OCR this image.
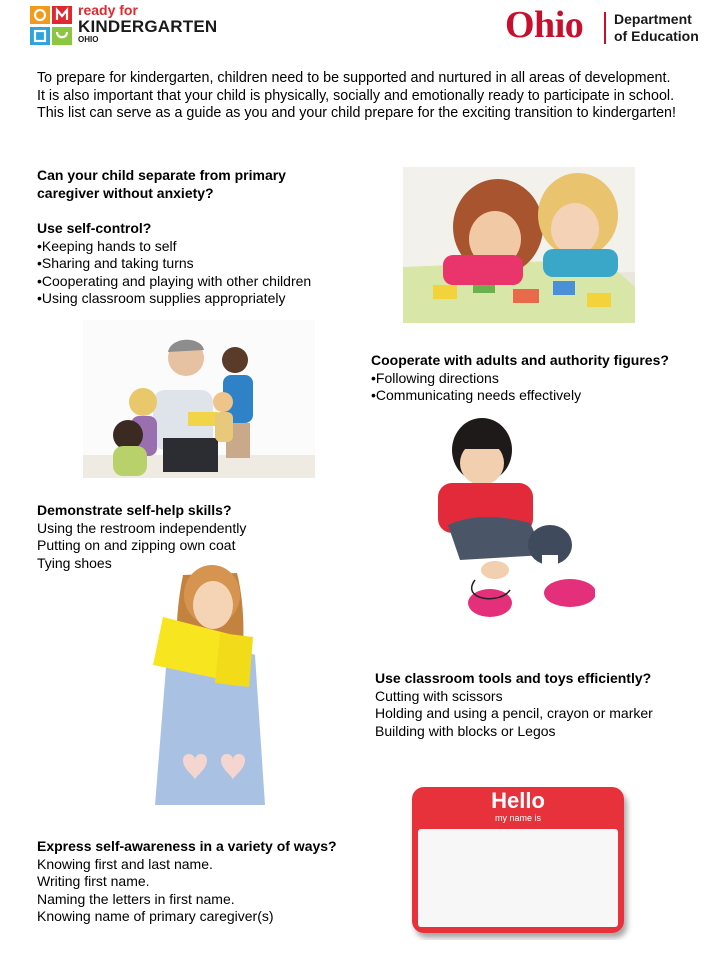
ready for
KINDERGARTEN
OHIO	Ohio Department
of Education
To prepare for kindergarten, children need to be supported and nurtured in all areas of development. It is also important that your child is physically, socially and emotionally ready to participate in school. This list can serve as a guide as you and your child prepare for the exciting transition to kindergarten!
Can your child separate from primary
caregiver without anxiety?
Use self-control?
•Keeping hands to self
•Sharing and taking turns
•Cooperating and playing with other children
•Using classroom supplies appropriately
Cooperate with adults and authority figures?
•Following directions
•Communicating needs effectively
Demonstrate self-help skills?
Using the restroom independently
Putting on and zipping own coat
Tying shoes
Use classroom tools and toys efficiently?
Cutting with scissors
Holding and using a pencil, crayon or marker
Building with blocks or Legos
Hello
my name is
Express self-awareness in a variety of ways?
Knowing first and last name.
Writing first name.
Naming the letters in first name.
Knowing name of primary caregiver(s)
